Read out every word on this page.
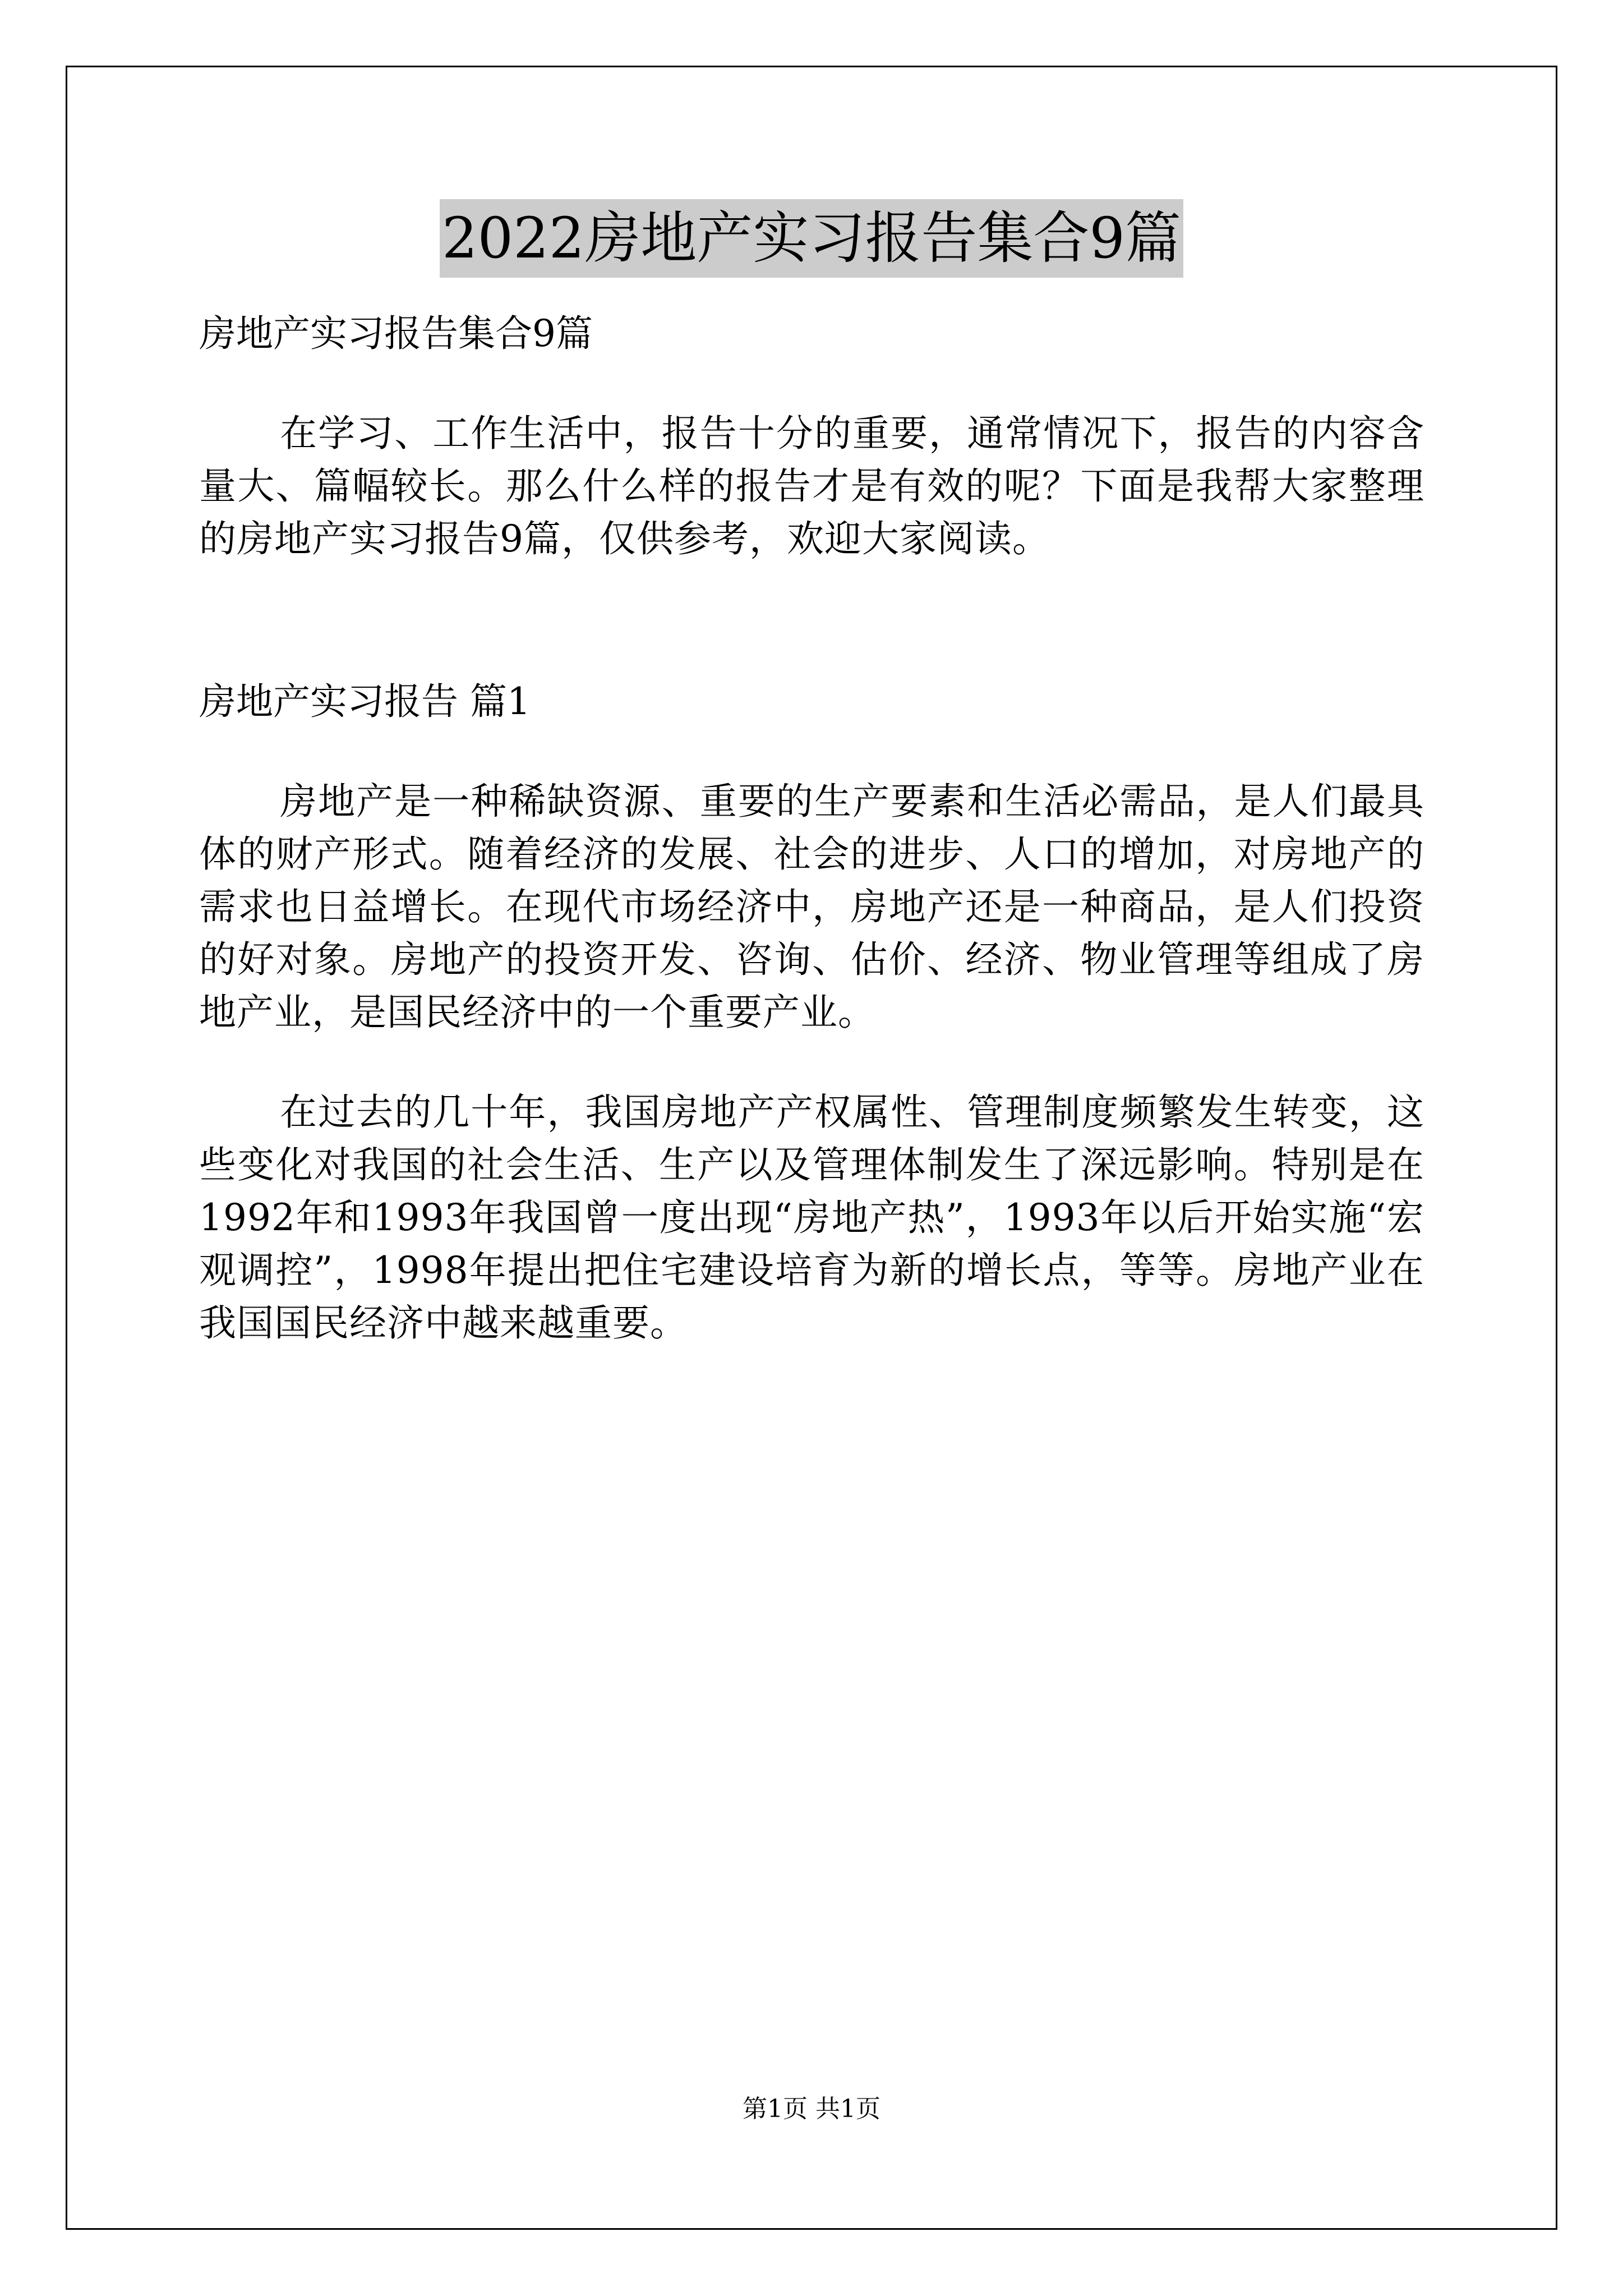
2022房地产实习报告集合9篇
房地产实习报告集合9篇

在学习、工作生活中，报告十分的重要，通常情况下，报告的内容含量大、篇幅较长。那么什么样的报告才是有效的呢？下面是我帮大家整理的房地产实习报告9篇，仅供参考，欢迎大家阅读。

房地产实习报告 篇1

房地产是一种稀缺资源、重要的生产要素和生活必需品，是人们最具体的财产形式。随着经济的发展、社会的进步、人口的增加，对房地产的需求也日益增长。在现代市场经济中，房地产还是一种商品，是人们投资的好对象。房地产的投资开发、咨询、估价、经济、物业管理等组成了房地产业，是国民经济中的一个重要产业。

在过去的几十年，我国房地产产权属性、管理制度频繁发生转变，这些变化对我国的社会生活、生产以及管理体制发生了深远影响。特别是在1992年和1993年我国曾一度出现“房地产热”，1993年以后开始实施“宏观调控”，1998年提出把住宅建设培育为新的增长点，等等。房地产业在我国国民经济中越来越重要。

第1页 共1页
